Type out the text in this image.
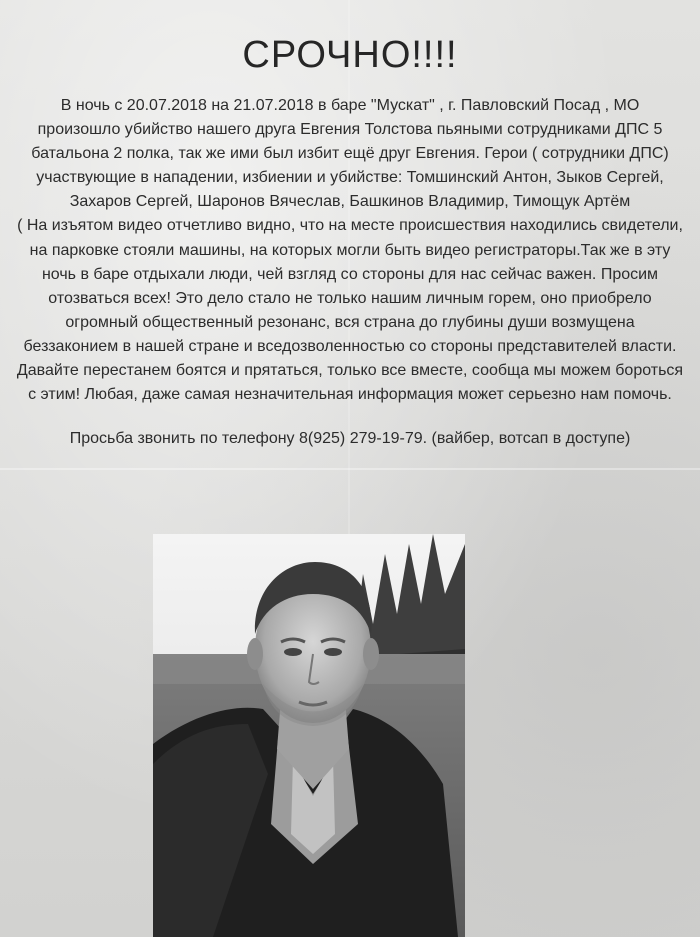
СРОЧНО!!!!
В ночь с 20.07.2018 на 21.07.2018 в баре "Мускат" , г. Павловский Посад , МО
произошло убийство нашего друга Евгения Толстова пьяными сотрудниками ДПС 5
батальона 2 полка, так же ими был избит ещё друг Евгения. Герои ( сотрудники ДПС)
участвующие в нападении, избиении и убийстве: Томшинский Антон, Зыков Сергей,
Захаров Сергей, Шаронов Вячеслав, Башкинов Владимир, Тимощук Артём
( На изъятом видео отчетливо видно, что на месте происшествия находились свидетели,
на парковке стояли машины, на которых могли быть видео регистраторы.Так же в эту
ночь в баре отдыхали люди, чей взгляд со стороны для нас сейчас важен. Просим
отозваться всех! Это дело стало не только нашим личным горем, оно приобрело
огромный общественный резонанс, вся страна до глубины души возмущена
беззаконием в нашей стране и вседозволенностью со стороны представителей власти.
Давайте перестанем боятся и прятаться, только все вместе, сообща мы можем бороться
с этим! Любая, даже самая незначительная информация может серьезно нам помочь.
Просьба звонить по телефону 8(925) 279-19-79. (вайбер, вотсап в доступе)
